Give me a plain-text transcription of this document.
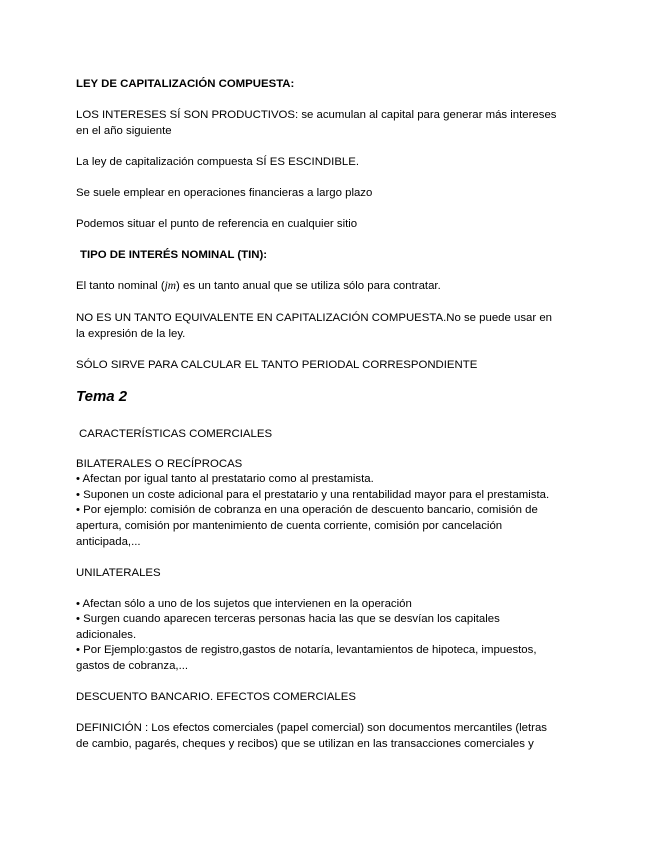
LEY DE CAPITALIZACIÓN COMPUESTA:
LOS INTERESES SÍ SON PRODUCTIVOS: se acumulan al capital para generar más intereses
en el año siguiente
La ley de capitalización compuesta SÍ ES ESCINDIBLE.
Se suele emplear en operaciones financieras a largo plazo
Podemos situar el punto de referencia en cualquier sitio
TIPO DE INTERÉS NOMINAL (TIN):
El tanto nominal (jm) es un tanto anual que se utiliza sólo para contratar.
NO ES UN TANTO EQUIVALENTE EN CAPITALIZACIÓN COMPUESTA.No se puede usar en
la expresión de la ley.
SÓLO SIRVE PARA CALCULAR EL TANTO PERIODAL CORRESPONDIENTE
Tema 2
CARACTERÍSTICAS COMERCIALES
BILATERALES O RECÍPROCAS
• Afectan por igual tanto al prestatario como al prestamista.
• Suponen un coste adicional para el prestatario y una rentabilidad mayor para el prestamista.
• Por ejemplo: comisión de cobranza en una operación de descuento bancario, comisión de
apertura, comisión por mantenimiento de cuenta corriente, comisión por cancelación
anticipada,...
UNILATERALES
• Afectan sólo a uno de los sujetos que intervienen en la operación
• Surgen cuando aparecen terceras personas hacia las que se desvían los capitales
adicionales.
• Por Ejemplo:gastos de registro,gastos de notaría, levantamientos de hipoteca, impuestos,
gastos de cobranza,...
DESCUENTO BANCARIO. EFECTOS COMERCIALES
DEFINICIÓN : Los efectos comerciales (papel comercial) son documentos mercantiles (letras
de cambio, pagarés, cheques y recibos) que se utilizan en las transacciones comerciales y
